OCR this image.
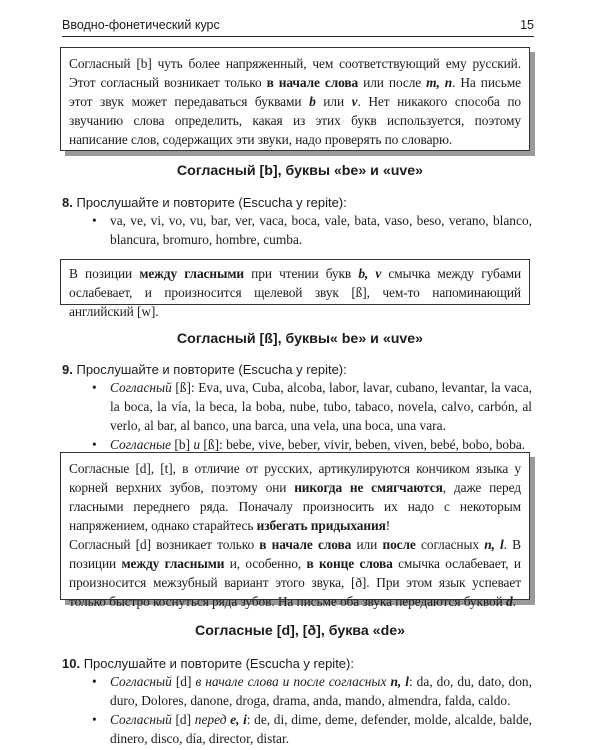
Вводно-фонетический курс	15
Согласный [b] чуть более напряженный, чем соответствующий ему русский. Этот согласный возникает только в начале слова или после m, n. На письме этот звук может передаваться буквами b или v. Нет никакого способа по звучанию слова определить, какая из этих букв используется, поэтому написание слов, содержащих эти звуки, надо проверять по словарю.
Согласный [b], буквы «be» и «uve»
8. Прослушайте и повторите (Escucha y repite):
• va, ve, vi, vo, vu, bar, ver, vaca, boca, vale, bata, vaso, beso, verano, blanco, blancura, bromuro, hombre, cumba.
В позиции между гласными при чтении букв b, v смычка между губами ослабевает, и произносится щелевой звук [ß], чем-то напоминающий английский [w].
Согласный [ß], буквы« be» и «uve»
9. Прослушайте и повторите (Escucha y repite):
• Согласный [ß]: Eva, uva, Cuba, alcoba, labor, lavar, cubano, levantar, la vaca, la boca, la vía, la beca, la boba, nube, tubo, tabaco, novela, calvo, carbón, al verlo, al bar, al banco, una barca, una vela, una boca, una vara.
• Согласные [b] и [ß]: bebe, vive, beber, vivir, beben, viven, bebé, bobo, boba.
Согласные [d], [t], в отличие от русских, артикулируются кончиком языка у корней верхних зубов, поэтому они никогда не смягчаются, даже перед гласными переднего ряда. Поначалу произносить их надо с некоторым напряжением, однако старайтесь избегать придыхания!
Согласный [d] возникает только в начале слова или после согласных n, l. В позиции между гласными и, особенно, в конце слова смычка ослабевает, и произносится межзубный вариант этого звука, [ð]. При этом язык успевает только быстро коснуться ряда зубов. На письме оба звука передаются буквой d.
Согласные [d], [ð], буква «de»
10. Прослушайте и повторите (Escucha y repite):
• Согласный [d] в начале слова и после согласных n, l: da, do, du, dato, don, duro, Dolores, danone, droga, drama, anda, mando, almendra, falda, caldo.
• Согласный [d] перед e, i: de, di, dime, deme, defender, molde, alcalde, balde, dinero, disco, día, director, distar.
